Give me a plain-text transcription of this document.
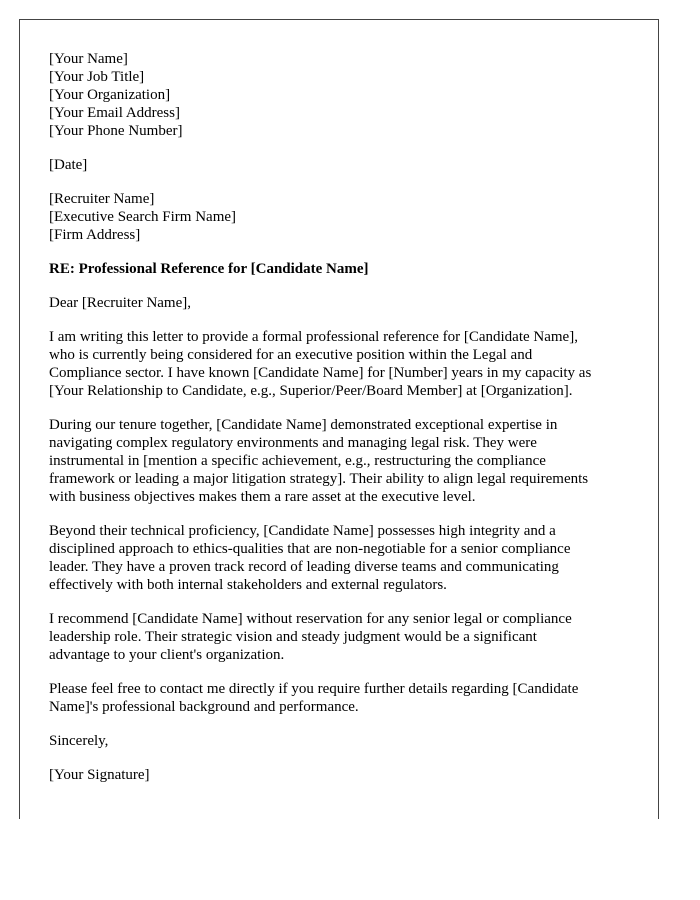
[Your Name]
[Your Job Title]
[Your Organization]
[Your Email Address]
[Your Phone Number]
[Date]
[Recruiter Name]
[Executive Search Firm Name]
[Firm Address]
RE: Professional Reference for [Candidate Name]
Dear [Recruiter Name],
I am writing this letter to provide a formal professional reference for [Candidate Name],
who is currently being considered for an executive position within the Legal and
Compliance sector. I have known [Candidate Name] for [Number] years in my capacity as
[Your Relationship to Candidate, e.g., Superior/Peer/Board Member] at [Organization].
During our tenure together, [Candidate Name] demonstrated exceptional expertise in
navigating complex regulatory environments and managing legal risk. They were
instrumental in [mention a specific achievement, e.g., restructuring the compliance
framework or leading a major litigation strategy]. Their ability to align legal requirements
with business objectives makes them a rare asset at the executive level.
Beyond their technical proficiency, [Candidate Name] possesses high integrity and a
disciplined approach to ethics-qualities that are non-negotiable for a senior compliance
leader. They have a proven track record of leading diverse teams and communicating
effectively with both internal stakeholders and external regulators.
I recommend [Candidate Name] without reservation for any senior legal or compliance
leadership role. Their strategic vision and steady judgment would be a significant
advantage to your client's organization.
Please feel free to contact me directly if you require further details regarding [Candidate
Name]'s professional background and performance.
Sincerely,
[Your Signature]
